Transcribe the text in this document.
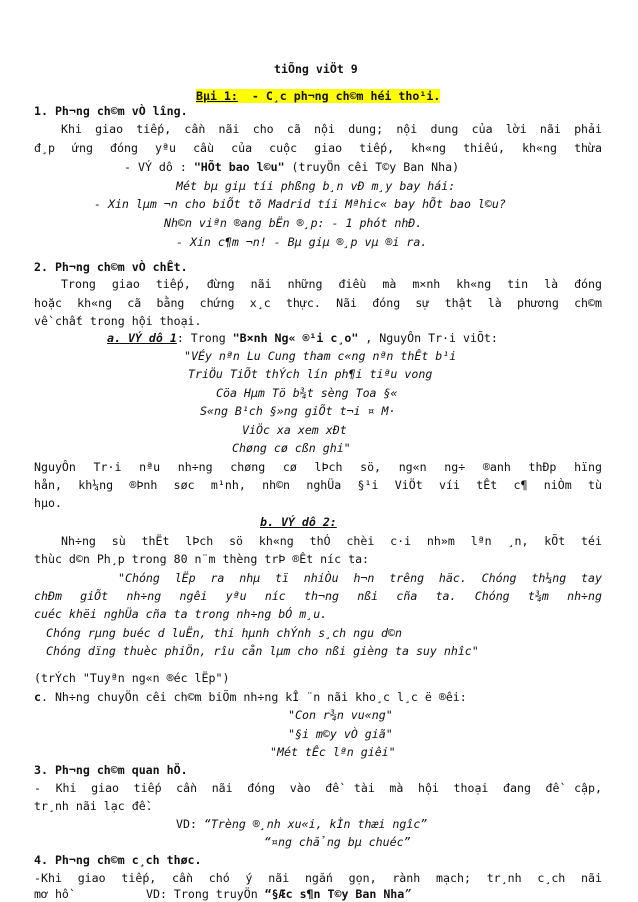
tiÕng viÖt 9
Bµi 1:  - C¸c ph¬ng ch©m héi tho¹i.
1. Ph¬ng ch©m vÒ lîng.
Khi giao tiếp, cần nãi cho cã nội dung; nội dung của lời nãi phải
đ¸p ứng đóng yªu cầu của cuộc giao tiếp, kh«ng thiếu, kh«ng thừa
- VÝ dô : "HÕt bao l©u" (truyÖn cêi T©y Ban Nha)
Mét bµ giµ tíi phßng b¸n vÐ m¸y bay hái:
- Xin lµm ¬n cho biÕt tõ Madrid tíi Mªhic« bay hÕt bao l©u?
Nh©n viªn ®ang bËn ®¸p: - 1 phót nhÐ.
- Xin c¶m ¬n! - Bµ giµ ®¸p vµ ®i ra.
2. Ph¬ng ch©m vÒ chÊt.
Trong giao tiếp, đừng nãi những điều mà m×nh kh«ng tin là đóng
hoặc kh«ng cã bằng chứng x¸c thực. Nãi đóng sự thật là phương ch©m
về chất trong hội thoại.
a. VÝ dô 1: Trong "B×nh Ng« ®¹i c¸o" , NguyÔn Tr·i viÕt:
"VÉy nªn Lu Cung tham c«ng nªn thÊt b¹i
TriÖu TiÕt thÝch lín ph¶i tiªu vong
Cöa Hµm Tö b¾t sèng Toa §«
S«ng B¹ch §»ng giÕt t¬i ¤ M·
ViÖc xa xem xÐt
Chøng cø cßn ghi"
NguyÔn Tr·i nªu nh÷ng chøng cø lÞch sö, ng«n ng÷ ®anh thÐp hïng
hån, kh¼ng ®Þnh søc m¹nh, nh©n nghÜa §¹i ViÖt víi tÊt c¶ niÒm tù
hµo.
b. VÝ dô 2:
Nh÷ng sù thËt lÞch sö kh«ng thÓ chèi c·i nh»m lªn ¸n, kÕt téi
thùc d©n Ph¸p trong 80 n¨m thèng trÞ ®Êt níc ta:
"Chóng lËp ra nhµ tï nhiÒu h¬n trêng häc. Chóng th¼ng tay
chÐm giÕt nh÷ng ngêi yªu níc th¬ng nßi cña ta. Chóng t¾m nh÷ng
cuéc khëi nghÜa cña ta trong nh÷ng bÓ m¸u.
Chóng rµng buéc d luËn, thi hµnh chÝnh s¸ch ngu d©n
Chóng dïng thuèc phiÖn, rîu cån lµm cho nßi gièng ta suy nhîc"
(trÝch "Tuyªn ng«n ®éc lËp")
c. Nh÷ng chuyÖn cêi ch©m biÕm nh÷ng kÎ ¨n nãi kho¸c l¸c ë ®êi:
"Con r¾n vu«ng"
"§i m©y vÒ giã"
"Mét tÊc lªn giêi"
3. Ph¬ng ch©m quan hÖ.
- Khi giao tiếp cần nãi đóng vào đề tài mà hội thoại đang đề cập,
tr¸nh nãi lạc đề.
VD: “Trèng ®¸nh xu«i, kÌn thæi ngîc”
“¤ng chẳng bµ chuéc”
4. Ph¬ng ch©m c¸ch thøc.
-Khi giao tiếp, cần chó ý nãi ngắn gọn, rành mạch; tr¸nh c¸ch nãi
mơ hồ	VD: Trong truyÖn “§Æc s¶n T©y Ban Nha”
